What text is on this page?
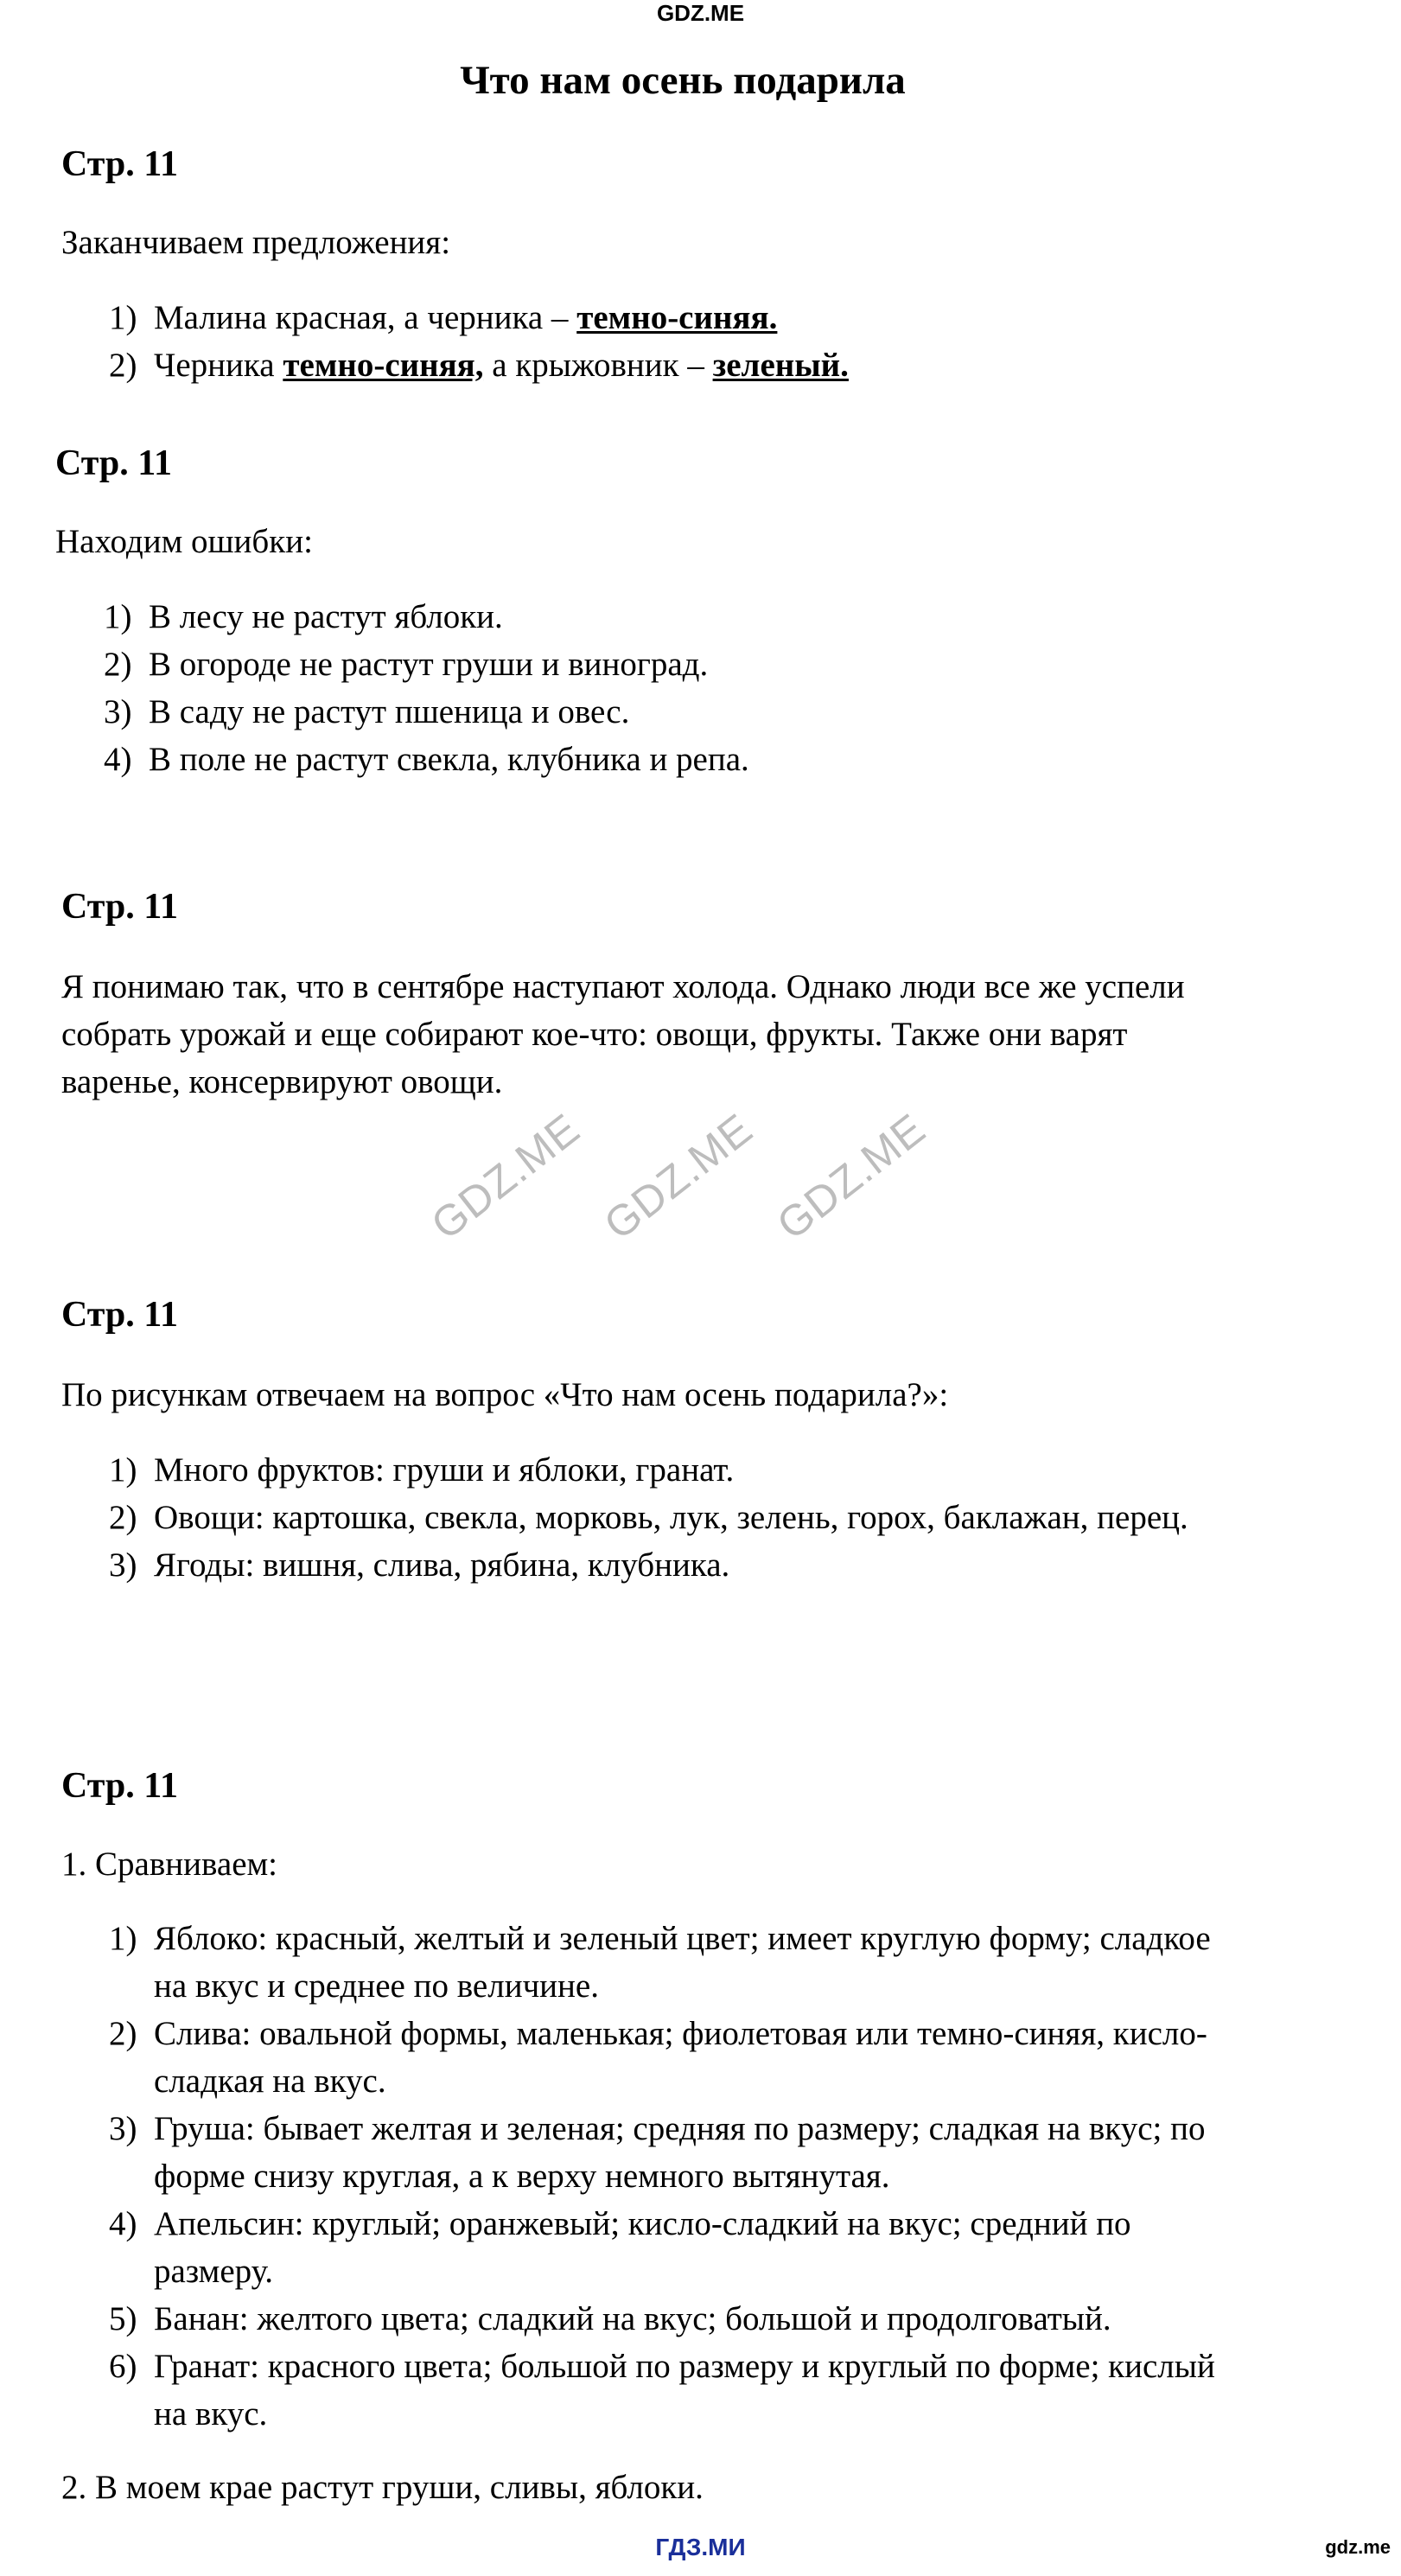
GDZ.ME
Что нам осень подарила
Стр. 11
Заканчиваем предложения:
1) Малина красная, а черника – темно-синяя.
2) Черника темно-синяя, а крыжовник – зеленый.
Стр. 11
Находим ошибки:
1) В лесу не растут яблоки.
2) В огороде не растут груши и виноград.
3) В саду не растут пшеница и овес.
4) В поле не растут свекла, клубника и репа.
Стр. 11
Я понимаю так, что в сентябре наступают холода. Однако люди все же успели
собрать урожай и еще собирают кое-что: овощи, фрукты. Также они варят
варенье, консервируют овощи.
GDZ.ME GDZ.ME GDZ.ME
Стр. 11
По рисункам отвечаем на вопрос «Что нам осень подарила?»:
1) Много фруктов: груши и яблоки, гранат.
2) Овощи: картошка, свекла, морковь, лук, зелень, горох, баклажан, перец.
3) Ягоды: вишня, слива, рябина, клубника.
Стр. 11
1. Сравниваем:
1) Яблоко: красный, желтый и зеленый цвет; имеет круглую форму; сладкое
на вкус и среднее по величине.
2) Слива: овальной формы, маленькая; фиолетовая или темно-синяя, кисло-
сладкая на вкус.
3) Груша: бывает желтая и зеленая; средняя по размеру; сладкая на вкус; по
форме снизу круглая, а к верху немного вытянутая.
4) Апельсин: круглый; оранжевый; кисло-сладкий на вкус; средний по
размеру.
5) Банан: желтого цвета; сладкий на вкус; большой и продолговатый.
6) Гранат: красного цвета; большой по размеру и круглый по форме; кислый
на вкус.
2. В моем крае растут груши, сливы, яблоки.
ГДЗ.МИ	gdz.me
